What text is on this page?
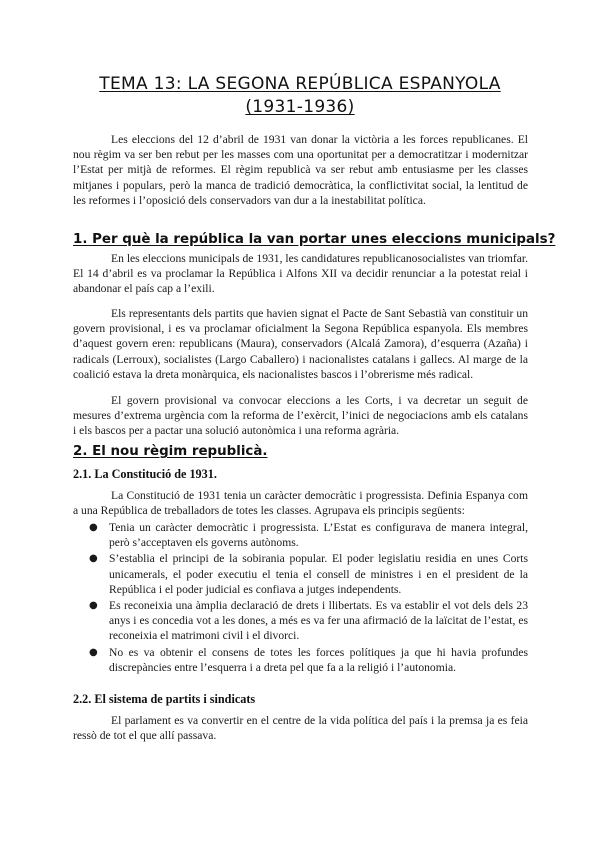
TEMA 13: LA SEGONA REPÚBLICA ESPANYOLA
(1931-1936)

Les eleccions del 12 d’abril de 1931 van donar la victòria a les forces republicanes. El nou règim va ser ben rebut per les masses com una oportunitat per a democratitzar i modernitzar l’Estat per mitjà de reformes. El règim republicà va ser rebut amb entusiasme per les classes mitjanes i populars, però la manca de tradició democràtica, la conflictivitat social, la lentitud de les reformes i l’oposició dels conservadors van dur a la inestabilitat política.

1. Per què la república la van portar unes eleccions municipals?

En les eleccions municipals de 1931, les candidatures republicanosocialistes van triomfar. El 14 d’abril es va proclamar la República i Alfons XII va decidir renunciar a la potestat reial i abandonar el país cap a l’exili.

Els representants dels partits que havien signat el Pacte de Sant Sebastià van constituir un govern provisional, i es va proclamar oficialment la Segona República espanyola. Els membres d’aquest govern eren: republicans (Maura), conservadors (Alcalá Zamora), d’esquerra (Azaña) i radicals (Lerroux), socialistes (Largo Caballero) i nacionalistes catalans i gallecs. Al marge de la coalició estava la dreta monàrquica, els nacionalistes bascos i l’obrerisme més radical.

El govern provisional va convocar eleccions a les Corts, i va decretar un seguit de mesures d’extrema urgència com la reforma de l’exèrcit, l’inici de negociacions amb els catalans i els bascos per a pactar una solució autonòmica i una reforma agrària.

2. El nou règim republicà.
2.1. La Constitució de 1931.

La Constitució de 1931 tenia un caràcter democràtic i progressista. Definia Espanya com a una República de treballadors de totes les classes. Agrupava els principis següents:

● Tenia un caràcter democràtic i progressista. L’Estat es configurava de manera integral, però s’acceptaven els governs autònoms.
● S’establia el principi de la sobirania popular. El poder legislatiu residia en unes Corts unicamerals, el poder executiu el tenia el consell de ministres i en el president de la República i el poder judicial es confiava a jutges independents.
● Es reconeixia una àmplia declaració de drets i llibertats. Es va establir el vot dels dels 23 anys i es concedia vot a les dones, a més es va fer una afirmació de la laïcitat de l’estat, es reconeixia el matrimoni civil i el divorci.
● No es va obtenir el consens de totes les forces polítiques ja que hi havia profundes discrepàncies entre l’esquerra i a dreta pel que fa a la religió i l’autonomia.
2.2. El sistema de partits i sindicats

El parlament es va convertir en el centre de la vida política del país i la premsa ja es feia ressò de tot el que allí passava.
